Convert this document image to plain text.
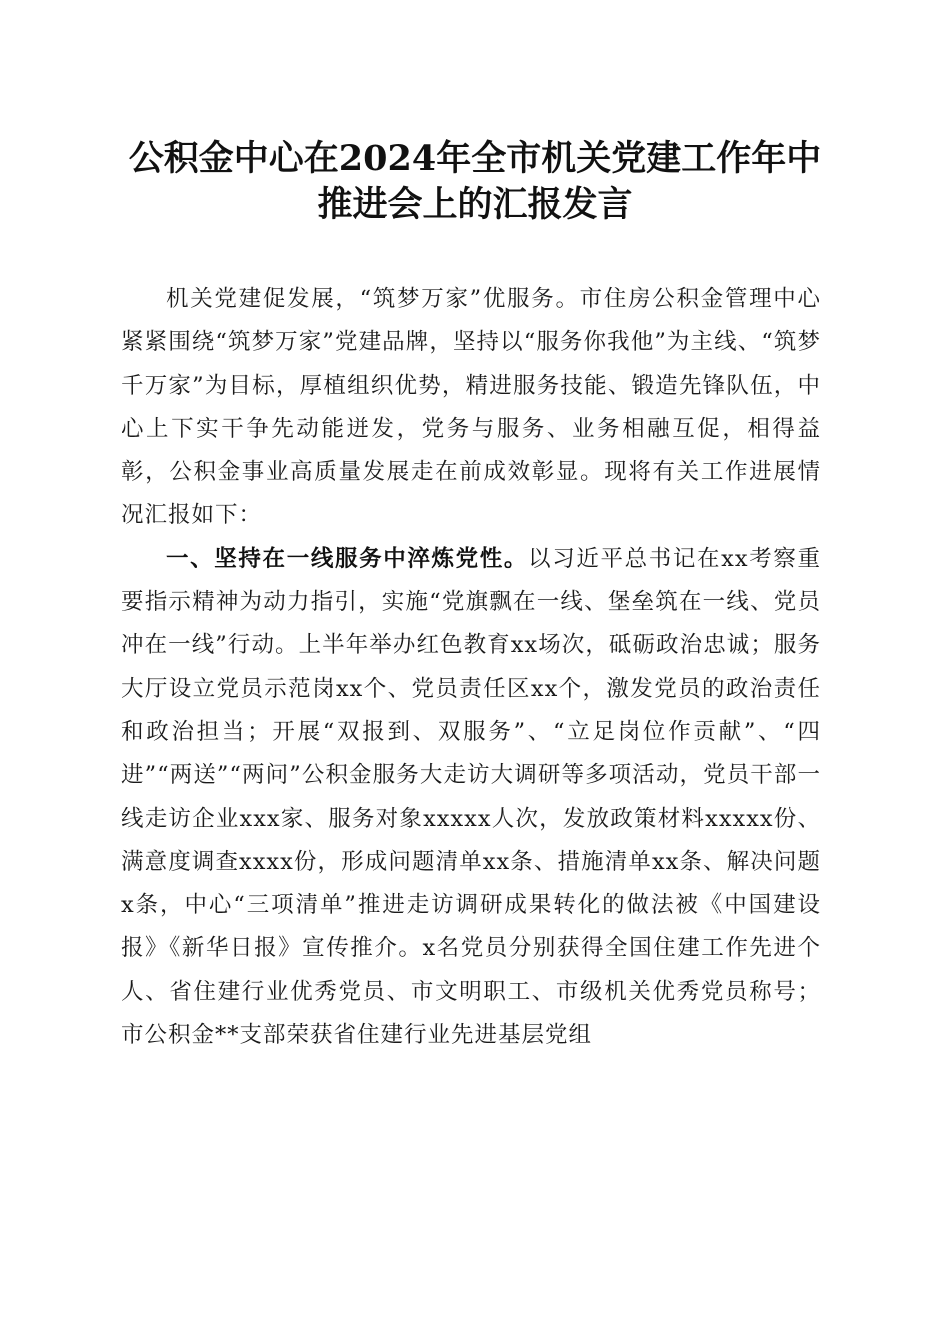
公积金中心在2024年全市机关党建工作年中
推进会上的汇报发言

机关党建促发展，“筑梦万家”优服务。市住房公积金管理中心紧紧围绕“筑梦万家”党建品牌，坚持以“服务你我他”为主线、“筑梦千万家”为目标，厚植组织优势，精进服务技能、锻造先锋队伍，中心上下实干争先动能迸发，党务与服务、业务相融互促，相得益彰，公积金事业高质量发展走在前成效彰显。现将有关工作进展情况汇报如下：

一、坚持在一线服务中淬炼党性。以习近平总书记在xx考察重要指示精神为动力指引，实施“党旗飘在一线、堡垒筑在一线、党员冲在一线”行动。上半年举办红色教育xx场次，砥砺政治忠诚；服务大厅设立党员示范岗xx个、党员责任区xx个，激发党员的政治责任和政治担当；开展“双报到、双服务”、“立足岗位作贡献”、“四进”“两送”“两问”公积金服务大走访大调研等多项活动，党员干部一线走访企业xxx家、服务对象xxxxx人次，发放政策材料xxxxx份、满意度调查xxxx份，形成问题清单xx条、措施清单xx条、解决问题x条，中心“三项清单”推进走访调研成果转化的做法被《中国建设报》《新华日报》宣传推介。x名党员分别获得全国住建工作先进个人、省住建行业优秀党员、市文明职工、市级机关优秀党员称号；市公积金**支部荣获省住建行业先进基层党组
